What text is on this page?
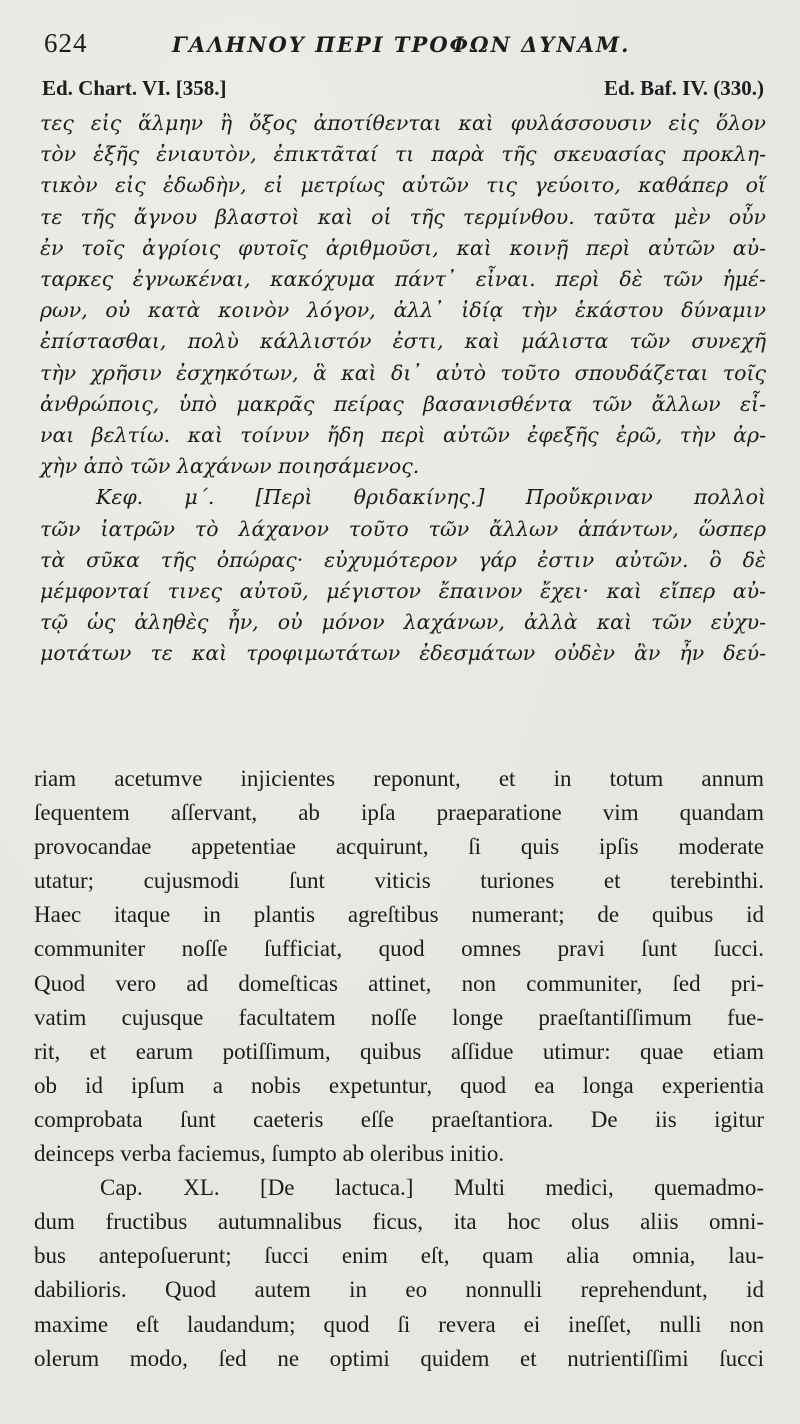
624	ΓΑΛΗΝΟΥ ΠΕΡΙ ΤΡΟΦΩΝ ΔΥΝΑΜ.
Ed. Chart. VI. [358.]	Ed. Baf. IV. (330.)
τες εἰς ἅλμην ἢ ὄξος ἀποτίθενται καὶ φυλάσσουσιν εἰς ὅλον
τὸν ἑξῆς ἐνιαυτὸν, ἐπικτᾶταί τι παρὰ τῆς σκευασίας προκλη-
τικὸν εἰς ἐδωδὴν, εἰ μετρίως αὐτῶν τις γεύοιτο, καθάπερ οἵ
τε τῆς ἄγνου βλαστοὶ καὶ οἱ τῆς τερμίνθου. ταῦτα μὲν οὖν
ἐν τοῖς ἀγρίοις φυτοῖς ἀριθμοῦσι, καὶ κοινῇ περὶ αὐτῶν αὐ-
ταρκες ἐγνωκέναι, κακόχυμα πάντ᾿ εἶναι. περὶ δὲ τῶν ἡμέ-
ρων, οὐ κατὰ κοινὸν λόγον, ἀλλ᾿ ἰδίᾳ τὴν ἑκάστου δύναμιν
ἐπίστασθαι, πολὺ κάλλιστόν ἐστι, καὶ μάλιστα τῶν συνεχῆ
τὴν χρῆσιν ἐσχηκότων, ἃ καὶ δι᾿ αὐτὸ τοῦτο σπουδάζεται τοῖς
ἀνθρώποις, ὑπὸ μακρᾶς πείρας βασανισθέντα τῶν ἄλλων εἶ-
ναι βελτίω. καὶ τοίνυν ἤδη περὶ αὐτῶν ἐφεξῆς ἐρῶ, τὴν ἀρ-
χὴν ἀπὸ τῶν λαχάνων ποιησάμενος.
Κεφ. μ΄. [Περὶ θριδακίνης.] Προὔκριναν πολλοὶ
τῶν ἰατρῶν τὸ λάχανον τοῦτο τῶν ἄλλων ἁπάντων, ὥσπερ
τὰ σῦκα τῆς ὀπώρας· εὐχυμότερον γάρ ἐστιν αὐτῶν. ὃ δὲ
μέμφονταί τινες αὐτοῦ, μέγιστον ἔπαινον ἔχει· καὶ εἴπερ αὐ-
τῷ ὡς ἀληθὲς ἦν, οὐ μόνον λαχάνων, ἀλλὰ καὶ τῶν εὐχυ-
μοτάτων τε καὶ τροφιμωτάτων ἐδεσμάτων οὐδὲν ἂν ἦν δεύ-
riam acetumve injicientes reponunt, et in totum annum
ſequentem aſſervant, ab ipſa praeparatione vim quandam
provocandae appetentiae acquirunt, ſi quis ipſis moderate
utatur; cujusmodi ſunt viticis turiones et terebinthi.
Haec itaque in plantis agreſtibus numerant; de quibus id
communiter noſſe ſufficiat, quod omnes pravi ſunt ſucci.
Quod vero ad domeſticas attinet, non communiter, ſed pri-
vatim cujusque facultatem noſſe longe praeſtantiſſimum fue-
rit, et earum potiſſimum, quibus aſſidue utimur: quae etiam
ob id ipſum a nobis expetuntur, quod ea longa experientia
comprobata ſunt caeteris eſſe praeſtantiora. De iis igitur
deinceps verba faciemus, ſumpto ab oleribus initio.
Cap. XL. [De lactuca.] Multi medici, quemadmo-
dum fructibus autumnalibus ficus, ita hoc olus aliis omni-
bus antepoſuerunt; ſucci enim eſt, quam alia omnia, lau-
dabilioris. Quod autem in eo nonnulli reprehendunt, id
maxime eſt laudandum; quod ſi revera ei ineſſet, nulli non
olerum modo, ſed ne optimi quidem et nutrientiſſimi ſucci
